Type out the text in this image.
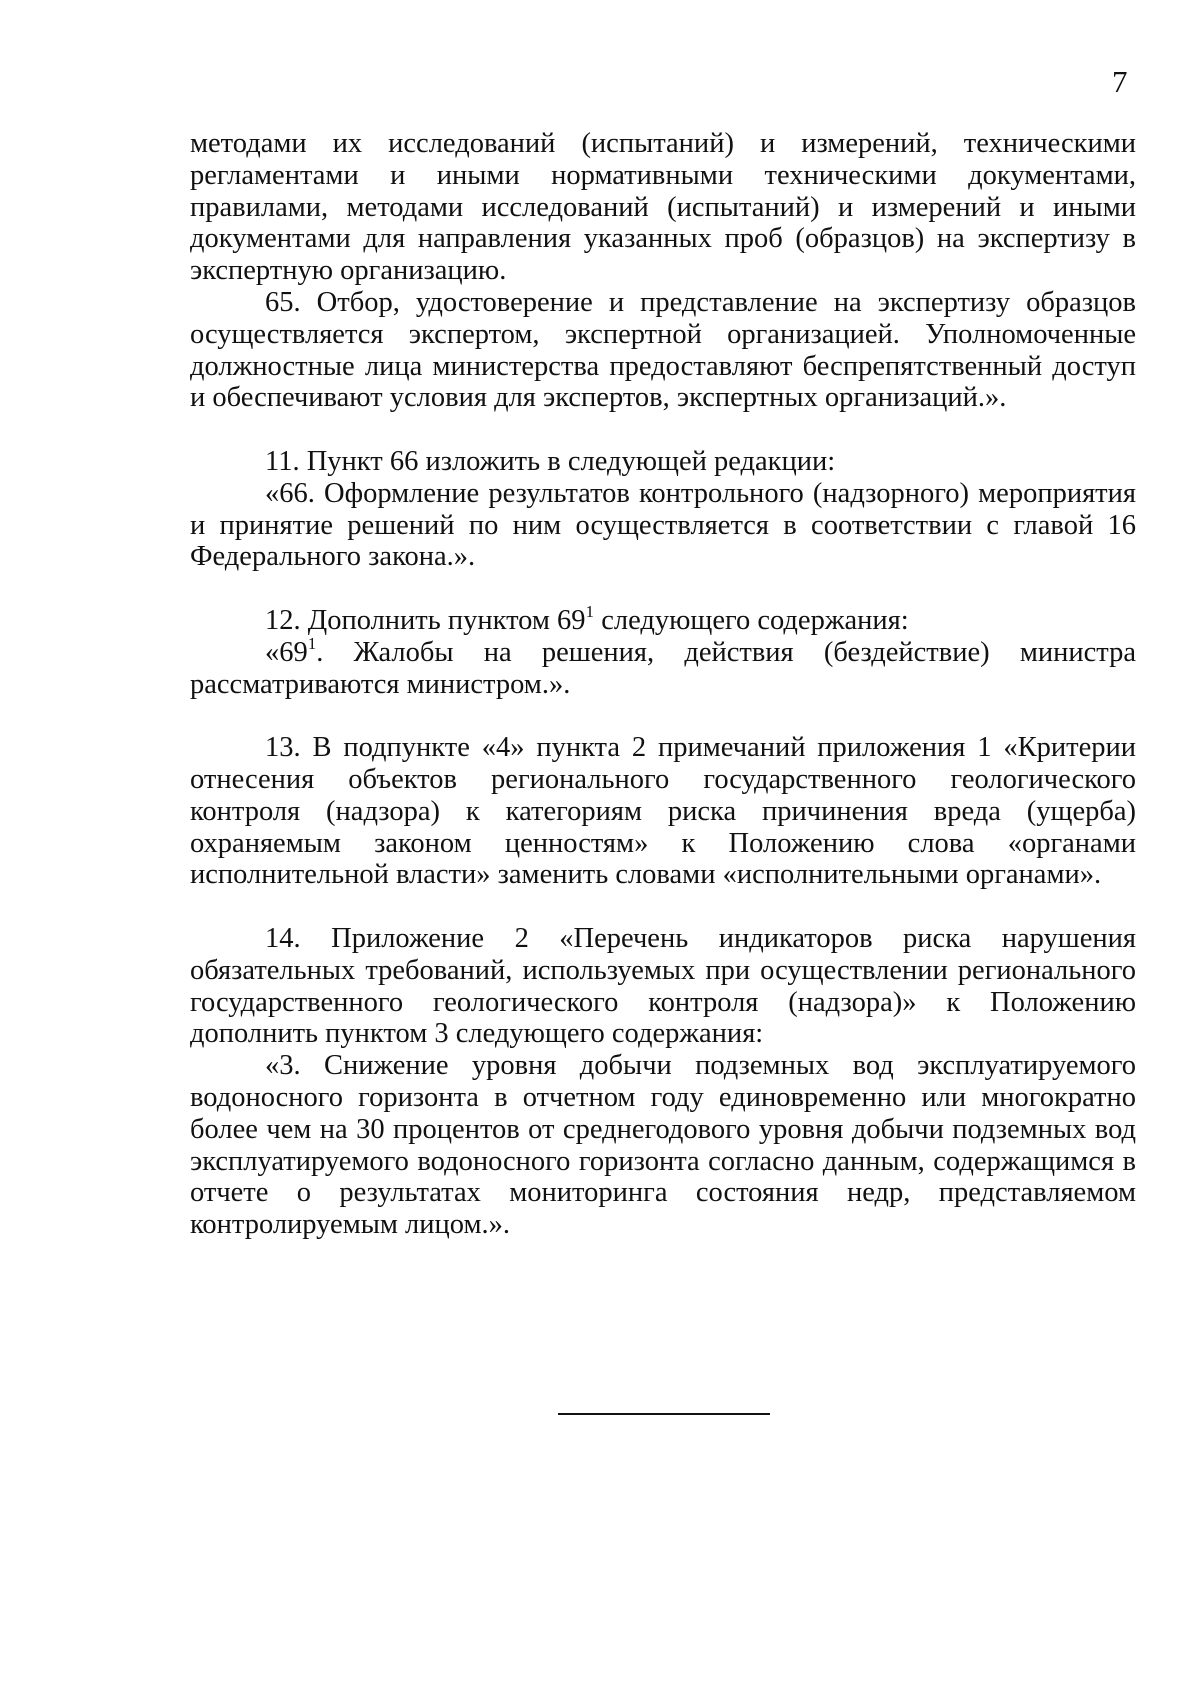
7

методами их исследований (испытаний) и измерений, техническими регламентами и иными нормативными техническими документами, правилами, методами исследований (испытаний) и измерений и иными документами для направления указанных проб (образцов) на экспертизу в экспертную организацию.

65. Отбор, удостоверение и представление на экспертизу образцов осуществляется экспертом, экспертной организацией. Уполномоченные должностные лица министерства предоставляют беспрепятственный доступ и обеспечивают условия для экспертов, экспертных организаций.».

11. Пункт 66 изложить в следующей редакции:

«66. Оформление результатов контрольного (надзорного) мероприятия и принятие решений по ним осуществляется в соответствии с главой 16 Федерального закона.».

12. Дополнить пунктом $69^1$ следующего содержания:

«$69^1$. Жалобы на решения, действия (бездействие) министра рассматриваются министром.».

13. В подпункте «4» пункта 2 примечаний приложения 1 «Критерии отнесения объектов регионального государственного геологического контроля (надзора) к категориям риска причинения вреда (ущерба) охраняемым законом ценностям» к Положению слова «органами исполнительной власти» заменить словами «исполнительными органами».

14. Приложение 2 «Перечень индикаторов риска нарушения обязательных требований, используемых при осуществлении регионального государственного геологического контроля (надзора)» к Положению дополнить пунктом 3 следующего содержания:

«3. Снижение уровня добычи подземных вод эксплуатируемого водоносного горизонта в отчетном году единовременно или многократно более чем на 30 процентов от среднегодового уровня добычи подземных вод эксплуатируемого водоносного горизонта согласно данным, содержащимся в отчете о результатах мониторинга состояния недр, представляемом контролируемым лицом.».
